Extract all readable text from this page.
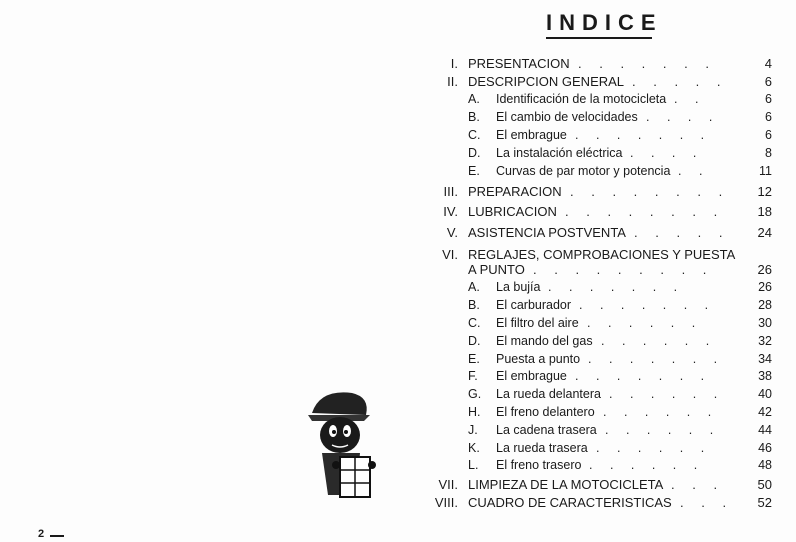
INDICE
I. PRESENTACION . . . . . . .	4
II. DESCRIPCION GENERAL . . . . .	6
A. Identificación de la motocicleta . .	6
B. El cambio de velocidades . . . .	6
C. El embrague . . . . . . .	6
D. La instalación eléctrica . . . .	8
E. Curvas de par motor y potencia . .	11
III. PREPARACION . . . . . . . .	12
IV. LUBRICACION . . . . . . . .	18
V. ASISTENCIA POSTVENTA . . . . .	24
VI. REGLAJES, COMPROBACIONES Y PUESTA
A PUNTO . . . . . . . . .	26
A. La bujía . . . . . . .	26
B. El carburador . . . . . . .	28
C. El filtro del aire . . . . . .	30
D. El mando del gas . . . . . .	32
E. Puesta a punto . . . . . . .	34
F.	El embrague . . . . . . .	38
G. La rueda delantera . . . . . .	40
H. El freno delantero . . . . . .	42
J.	La cadena trasera . . . . . .	44
K. La rueda trasera . . . . . .	46
L. El freno trasero . . . . . .	48
VII. LIMPIEZA DE LA MOTOCICLETA . . .	50
VIII. CUADRO DE CARACTERISTICAS . . .	52
2
